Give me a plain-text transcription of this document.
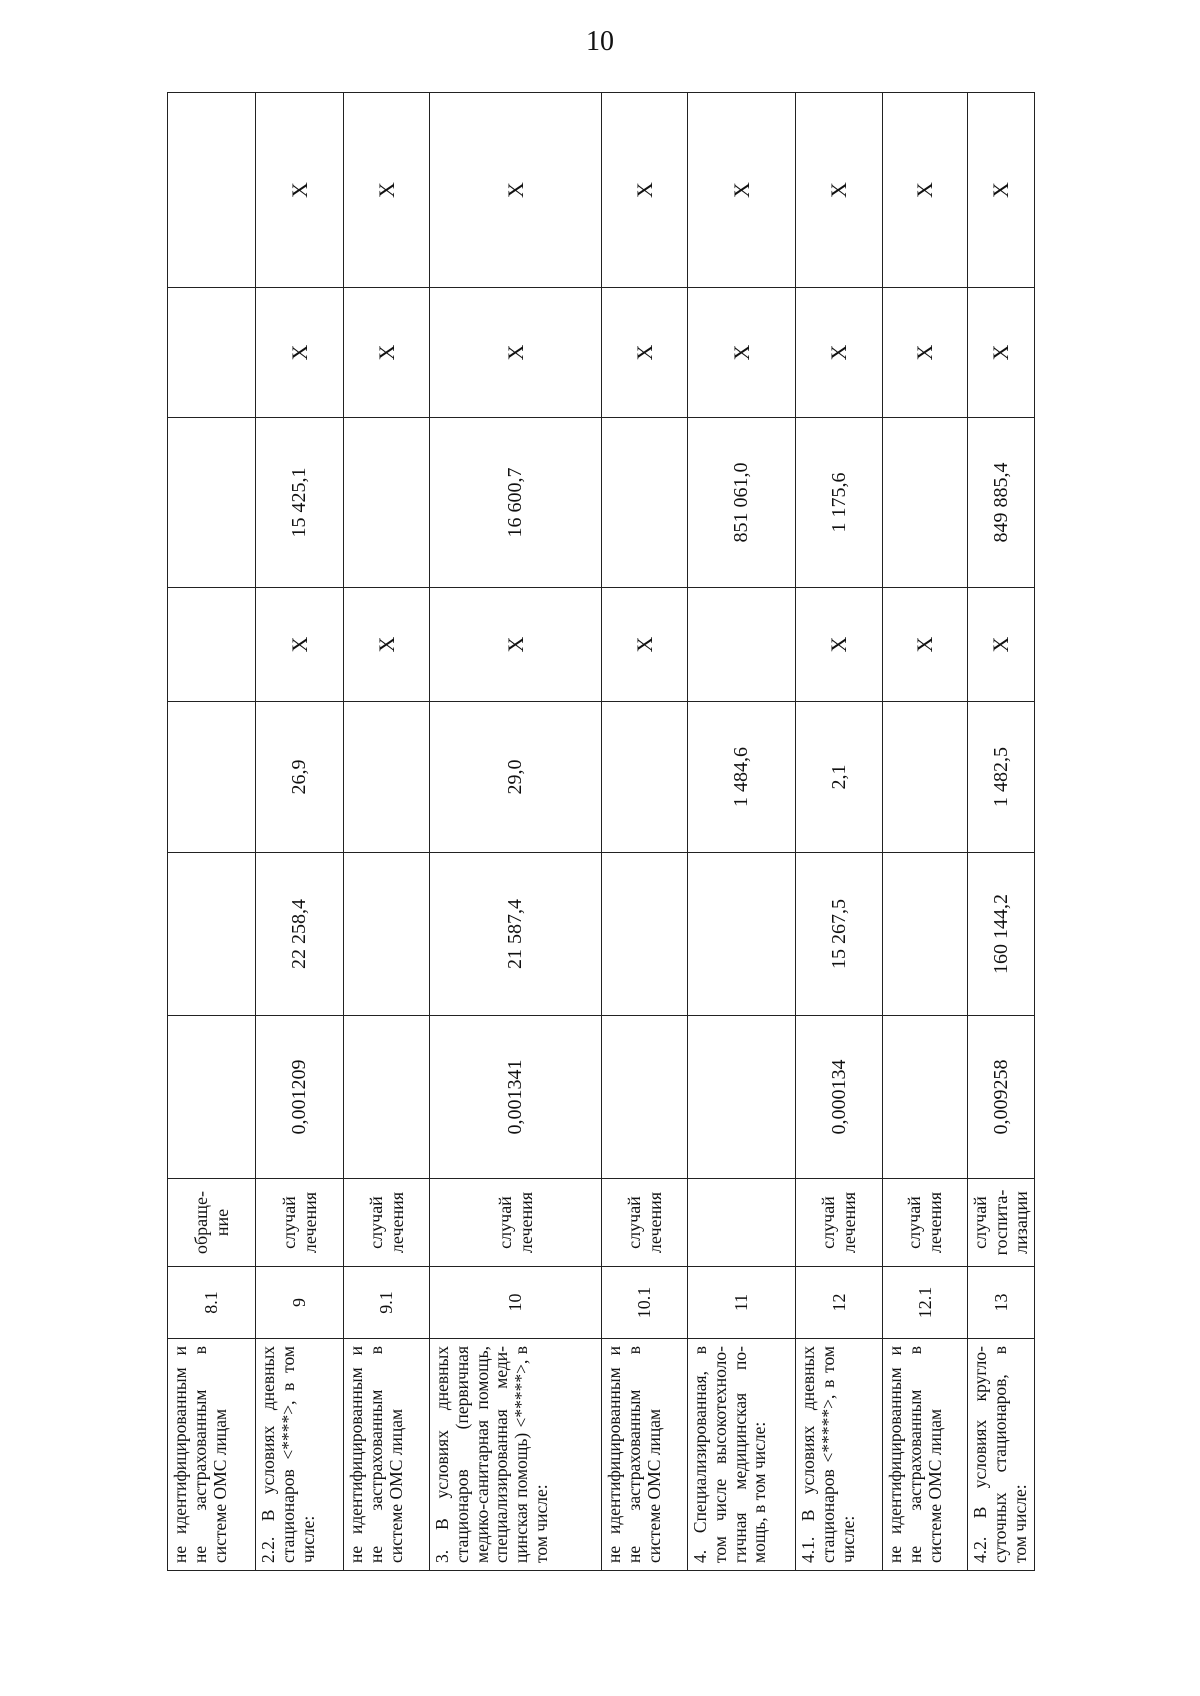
10
не идентифицированным и не застрахованным в системе ОМС лицам	8.1	обраще-ние							
2.2. В условиях дневных стационаров <****>, в том числе:	9	случай лечения	0,001209	22 258,4	26,9	X	15 425,1	X	X
не идентифицированным и не застрахованным в системе ОМС лицам	9.1	случай лечения				X		X	X
3. В условиях дневных стационаров (первичная медико-санитарная помощь, специализированная меди-цинская помощь) <*****>, в том числе:	10	случай лечения	0,001341	21 587,4	29,0	X	16 600,7	X	X
не идентифицированным и не застрахованным в системе ОМС лицам	10.1	случай лечения				X		X	X
4. Специализированная, в том числе высокотехноло-гичная медицинская по-мощь, в том числе:	11				1 484,6		851 061,0	X	X
4.1. В условиях дневных стационаров <*****>, в том числе:	12	случай лечения	0,000134	15 267,5	2,1	X	1 175,6	X	X
не идентифицированным и не застрахованным в системе ОМС лицам	12.1	случай лечения				X		X	X
4.2. В условиях кругло-суточных стационаров, в том числе:	13	случай госпита-лизации	0,009258	160 144,2	1 482,5	X	849 885,4	X	X
